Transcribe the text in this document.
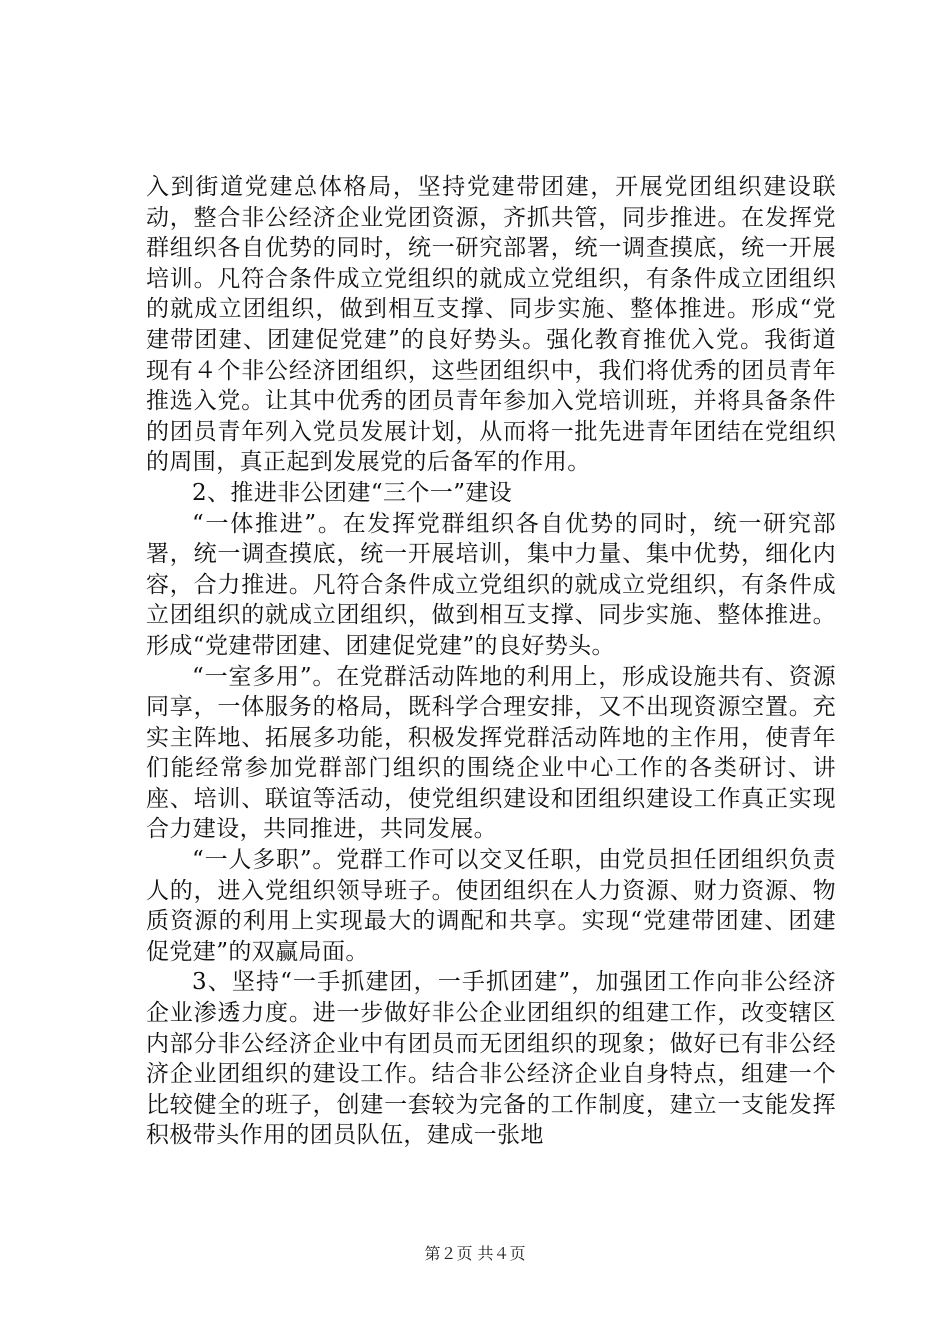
入到街道党建总体格局，坚持党建带团建，开展党团组织建设联动，整合非公经济企业党团资源，齐抓共管，同步推进。在发挥党群组织各自优势的同时，统一研究部署，统一调查摸底，统一开展培训。凡符合条件成立党组织的就成立党组织，有条件成立团组织的就成立团组织，做到相互支撑、同步实施、整体推进。形成“党建带团建、团建促党建”的良好势头。强化教育推优入党。我街道现有４个非公经济团组织，这些团组织中，我们将优秀的团员青年推选入党。让其中优秀的团员青年参加入党培训班，并将具备条件的团员青年列入党员发展计划，从而将一批先进青年团结在党组织的周围，真正起到发展党的后备军的作用。

2、推进非公团建“三个一”建设

“一体推进”。在发挥党群组织各自优势的同时，统一研究部署，统一调查摸底，统一开展培训，集中力量、集中优势，细化内容，合力推进。凡符合条件成立党组织的就成立党组织，有条件成立团组织的就成立团组织，做到相互支撑、同步实施、整体推进。形成“党建带团建、团建促党建”的良好势头。

“一室多用”。在党群活动阵地的利用上，形成设施共有、资源同享，一体服务的格局，既科学合理安排，又不出现资源空置。充实主阵地、拓展多功能，积极发挥党群活动阵地的主作用，使青年们能经常参加党群部门组织的围绕企业中心工作的各类研讨、讲座、培训、联谊等活动，使党组织建设和团组织建设工作真正实现合力建设，共同推进，共同发展。

“一人多职”。党群工作可以交叉任职，由党员担任团组织负责人的，进入党组织领导班子。使团组织在人力资源、财力资源、物质资源的利用上实现最大的调配和共享。实现“党建带团建、团建促党建”的双赢局面。

3、坚持“一手抓建团，一手抓团建”，加强团工作向非公经济企业渗透力度。进一步做好非公企业团组织的组建工作，改变辖区内部分非公经济企业中有团员而无团组织的现象；做好已有非公经济企业团组织的建设工作。结合非公经济企业自身特点，组建一个比较健全的班子，创建一套较为完备的工作制度，建立一支能发挥积极带头作用的团员队伍，建成一张地

第２页 共４页
